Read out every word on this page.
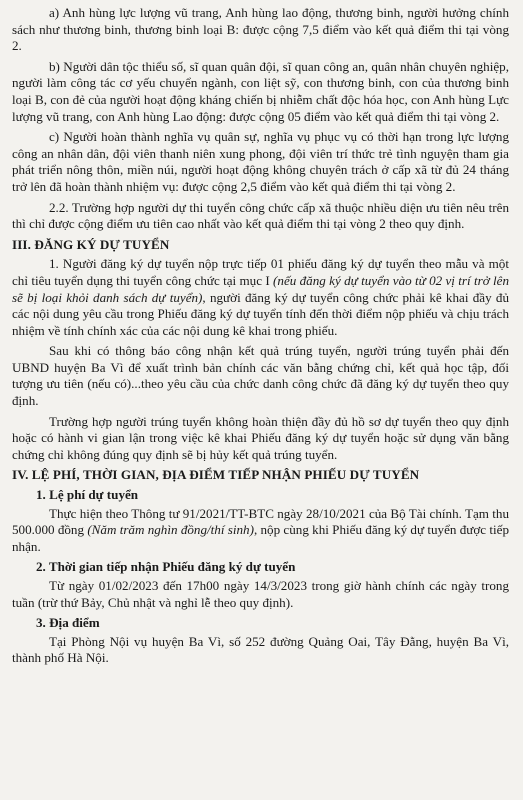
a) Anh hùng lực lượng vũ trang, Anh hùng lao động, thương binh, người hưởng chính sách như thương binh, thương binh loại B: được cộng 7,5 điểm vào kết quả điểm thi tại vòng 2.

b) Người dân tộc thiểu số, sĩ quan quân đội, sĩ quan công an, quân nhân chuyên nghiệp, người làm công tác cơ yếu chuyển ngành, con liệt sỹ, con thương binh, con của thương binh loại B, con đẻ của người hoạt động kháng chiến bị nhiễm chất độc hóa học, con Anh hùng Lực lượng vũ trang, con Anh hùng Lao động: được cộng 05 điểm vào kết quả điểm thi tại vòng 2.

c) Người hoàn thành nghĩa vụ quân sự, nghĩa vụ phục vụ có thời hạn trong lực lượng công an nhân dân, đội viên thanh niên xung phong, đội viên trí thức trẻ tình nguyện tham gia phát triển nông thôn, miền núi, người hoạt động không chuyên trách ở cấp xã từ đủ 24 tháng trở lên đã hoàn thành nhiệm vụ: được cộng 2,5 điểm vào kết quả điểm thi tại vòng 2.

2.2. Trường hợp người dự thi tuyển công chức cấp xã thuộc nhiều diện ưu tiên nêu trên thì chỉ được cộng điểm ưu tiên cao nhất vào kết quả điểm thi tại vòng 2 theo quy định.

III. ĐĂNG KÝ DỰ TUYỂN

1. Người đăng ký dự tuyển nộp trực tiếp 01 phiếu đăng ký dự tuyển theo mẫu và một chỉ tiêu tuyển dụng thi tuyển công chức tại mục I (nếu đăng ký dự tuyển vào từ 02 vị trí trở lên sẽ bị loại khỏi danh sách dự tuyển), người đăng ký dự tuyển công chức phải kê khai đầy đủ các nội dung yêu cầu trong Phiếu đăng ký dự tuyển tính đến thời điểm nộp phiếu và chịu trách nhiệm về tính chính xác của các nội dung kê khai trong phiếu.

Sau khi có thông báo công nhận kết quả trúng tuyển, người trúng tuyển phải đến UBND huyện Ba Vì để xuất trình bản chính các văn bằng chứng chỉ, kết quả học tập, đối tượng ưu tiên (nếu có)...theo yêu cầu của chức danh công chức đã đăng ký dự tuyển theo quy định.

Trường hợp người trúng tuyển không hoàn thiện đầy đủ hồ sơ dự tuyển theo quy định hoặc có hành vi gian lận trong việc kê khai Phiếu đăng ký dự tuyển hoặc sử dụng văn bằng chứng chỉ không đúng quy định sẽ bị hủy kết quả trúng tuyển.

IV. LỆ PHÍ, THỜI GIAN, ĐỊA ĐIỂM TIẾP NHẬN PHIẾU DỰ TUYỂN

1. Lệ phí dự tuyển

Thực hiện theo Thông tư 91/2021/TT-BTC ngày 28/10/2021 của Bộ Tài chính. Tạm thu 500.000 đồng (Năm trăm nghìn đồng/thí sinh), nộp cùng khi Phiếu đăng ký dự tuyển được tiếp nhận.

2. Thời gian tiếp nhận Phiếu đăng ký dự tuyển

Từ ngày 01/02/2023 đến 17h00 ngày 14/3/2023 trong giờ hành chính các ngày trong tuần (trừ thứ Bảy, Chủ nhật và nghỉ lễ theo quy định).

3. Địa điểm

Tại Phòng Nội vụ huyện Ba Vì, số 252 đường Quảng Oai, Tây Đằng, huyện Ba Vì, thành phố Hà Nội.
